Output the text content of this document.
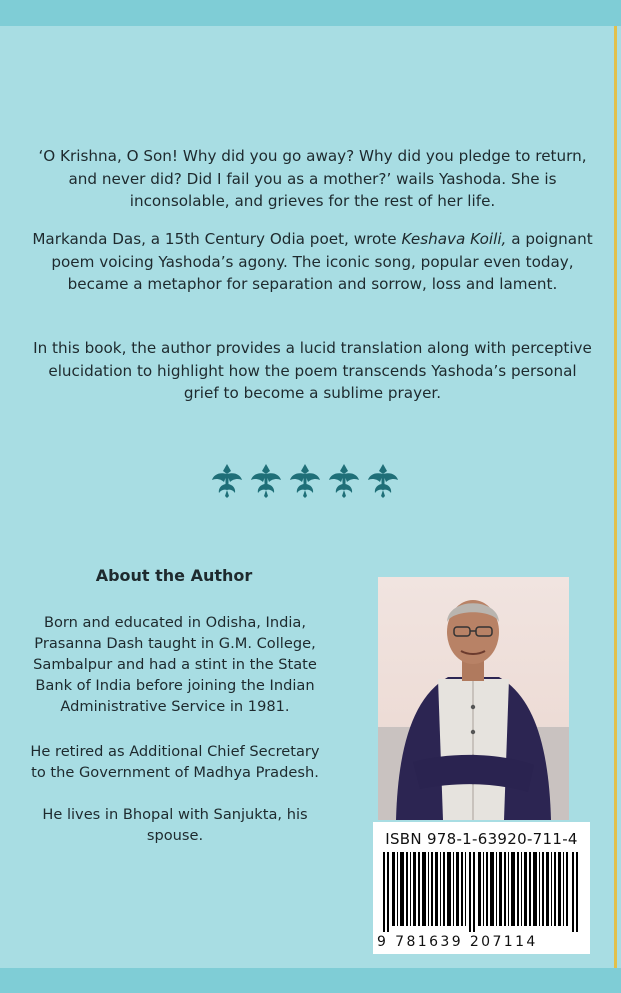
‘O Krishna, O Son! Why did you go away? Why did you pledge to return, and never did? Did I fail you as a mother?’ wails Yashoda. She is inconsolable, and grieves for the rest of her life.

Markanda Das, a 15th Century Odia poet, wrote Keshava Koili, a poignant poem voicing Yashoda’s agony. The iconic song, popular even today, became a metaphor for separation and sorrow, loss and lament.

In this book, the author provides a lucid translation along with perceptive elucidation to highlight how the poem transcends Yashoda’s personal grief to become a sublime prayer.

About the Author

Born and educated in Odisha, India, Prasanna Dash taught in G.M. College, Sambalpur and had a stint in the State Bank of India before joining the Indian Administrative Service in 1981.

He retired as Additional Chief Secretary to the Government of Madhya Pradesh.

He lives in Bhopal with Sanjukta, his spouse.	ISBN 978-1-63920-711-4
9 781639 207114
